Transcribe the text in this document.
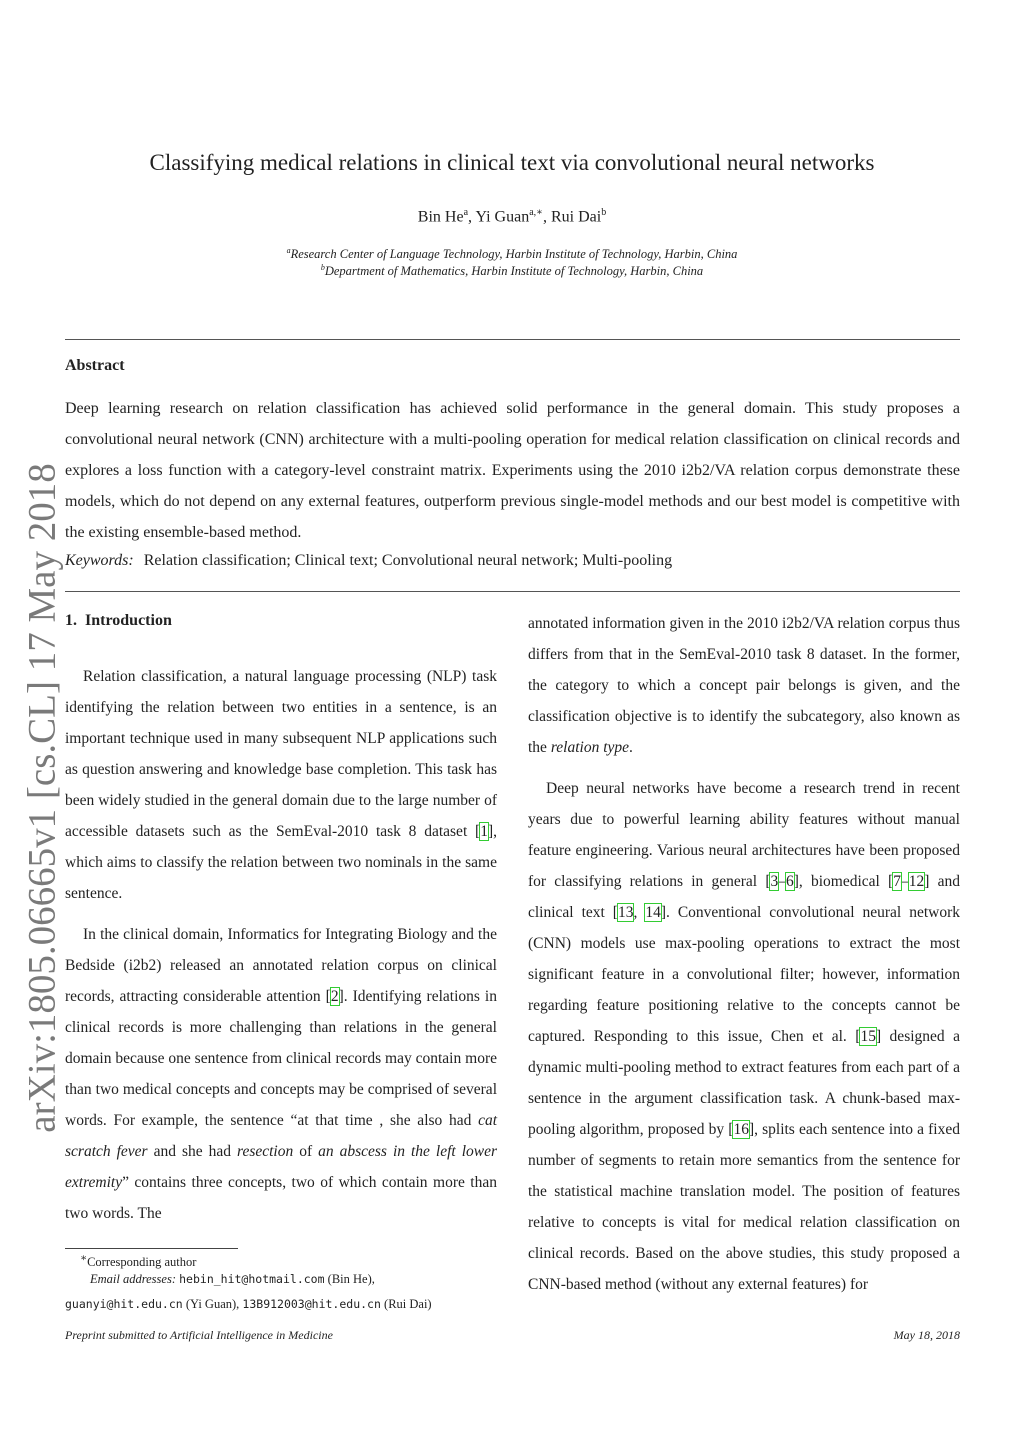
arXiv:1805.06665v1 [cs.CL] 17 May 2018
Classifying medical relations in clinical text via convolutional neural networks
Bin He$^a$, Yi Guan$^{a,∗}$, Rui Dai$^b$
$^a$Research Center of Language Technology, Harbin Institute of Technology, Harbin, China
$^b$Department of Mathematics, Harbin Institute of Technology, Harbin, China
Abstract
Deep learning research on relation classification has achieved solid performance in the general domain. This study proposes a convolutional neural network (CNN) architecture with a multi-pooling operation for medical relation classification on clinical records and explores a loss function with a category-level constraint matrix. Experiments using the 2010 i2b2/VA relation corpus demonstrate these models, which do not depend on any external features, outperform previous single-model methods and our best model is competitive with the existing ensemble-based method.
Keywords: Relation classification; Clinical text; Convolutional neural network; Multi-pooling
1. Introduction

Relation classification, a natural language processing (NLP) task identifying the relation between two entities in a sentence, is an important technique used in many subsequent NLP applications such as question answering and knowledge base completion. This task has been widely studied in the general domain due to the large number of accessible datasets such as the SemEval-2010 task 8 dataset [1], which aims to classify the relation between two nominals in the same sentence.

In the clinical domain, Informatics for Integrating Biology and the Bedside (i2b2) released an annotated relation corpus on clinical records, attracting considerable attention [2]. Identifying relations in clinical records is more challenging than relations in the general domain because one sentence from clinical records may contain more than two medical concepts and concepts may be comprised of several words. For example, the sentence “at that time , she also had cat scratch fever and she had resection of an abscess in the left lower extremity” contains three concepts, two of which contain more than two words. The

annotated information given in the 2010 i2b2/VA relation corpus thus differs from that in the SemEval-2010 task 8 dataset. In the former, the category to which a concept pair belongs is given, and the classification objective is to identify the subcategory, also known as the relation type.

Deep neural networks have become a research trend in recent years due to powerful learning ability features without manual feature engineering. Various neural architectures have been proposed for classifying relations in general [3–6], biomedical [7–12] and clinical text [13, 14]. Conventional convolutional neural network (CNN) models use max-pooling operations to extract the most significant feature in a convolutional filter; however, information regarding feature positioning relative to the concepts cannot be captured. Responding to this issue, Chen et al. [15] designed a dynamic multi-pooling method to extract features from each part of a sentence in the argument classification task. A chunk-based max-pooling algorithm, proposed by [16], splits each sentence into a fixed number of segments to retain more semantics from the sentence for the statistical machine translation model. The position of features relative to concepts is vital for medical relation classification on clinical records. Based on the above studies, this study proposed a CNN-based method (without any external features) for

∗Corresponding author
Email addresses: hebin_hit@hotmail.com (Bin He),
guanyi@hit.edu.cn (Yi Guan), 13B912003@hit.edu.cn (Rui Dai)
Preprint submitted to Artificial Intelligence in Medicine	May 18, 2018
